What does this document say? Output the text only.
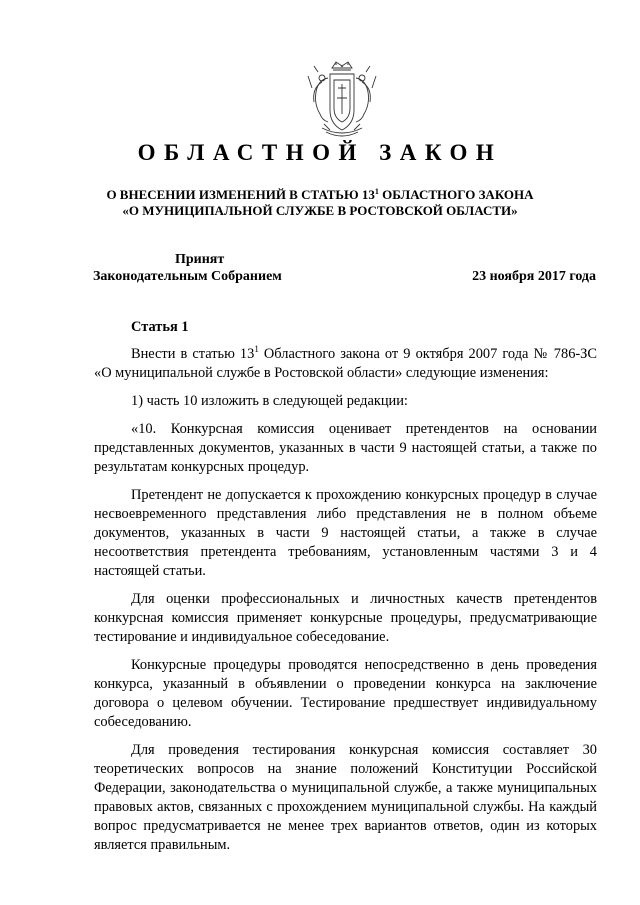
ОБЛАСТНОЙ ЗАКОН
О ВНЕСЕНИИ ИЗМЕНЕНИЙ В СТАТЬЮ $13^1$ ОБЛАСТНОГО ЗАКОНА
«О МУНИЦИПАЛЬНОЙ СЛУЖБЕ В РОСТОВСКОЙ ОБЛАСТИ»
Принят
Законодательным Собранием	23 ноября 2017 года

Статья 1

Внести в статью $13^1$ Областного закона от 9 октября 2007 года № 786-ЗС «О муниципальной службе в Ростовской области» следующие изменения:

1) часть 10 изложить в следующей редакции:

«10. Конкурсная комиссия оценивает претендентов на основании представленных документов, указанных в части 9 настоящей статьи, а также по результатам конкурсных процедур.

Претендент не допускается к прохождению конкурсных процедур в случае несвоевременного представления либо представления не в полном объеме документов, указанных в части 9 настоящей статьи, а также в случае несоответствия претендента требованиям, установленным частями 3 и 4 настоящей статьи.

Для оценки профессиональных и личностных качеств претендентов конкурсная комиссия применяет конкурсные процедуры, предусматривающие тестирование и индивидуальное собеседование.

Конкурсные процедуры проводятся непосредственно в день проведения конкурса, указанный в объявлении о проведении конкурса на заключение договора о целевом обучении. Тестирование предшествует индивидуальному собеседованию.

Для проведения тестирования конкурсная комиссия составляет 30 теоретических вопросов на знание положений Конституции Российской Федерации, законодательства о муниципальной службе, а также муниципальных правовых актов, связанных с прохождением муниципальной службы. На каждый вопрос предусматривается не менее трех вариантов ответов, один из которых является правильным.
